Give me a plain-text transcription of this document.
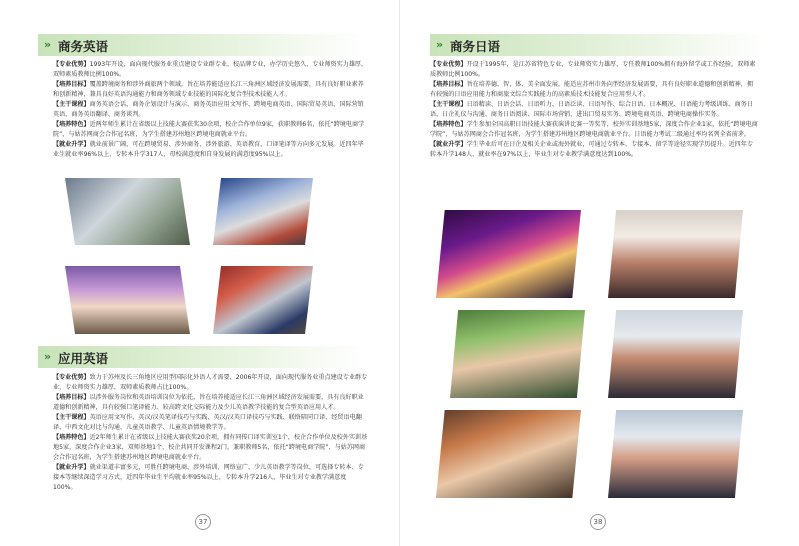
» 商务英语

【专业优势】1993年开设，面向现代服务业重点建设专业群专业，校品牌专业，办学历史悠久，专业师资实力雄厚，双师素质教师比例100%。

【培养目标】覆盖跨境商务和涉外商旅两个领域，旨在培养能适应长江三角洲区域经济发展需要，具有良好职业素养和创新精神，兼具良好英语沟通能力和商务领域专业技能的国际化复合型技术技能人才。

【主干课程】商务英语会话、商务企划设计与演示、商务英语应用文写作、跨境电商英语、国际贸易英语、国际营销英语、商务英语翻译、商务谈判。

【培养特色】近两年师生累计在省级以上技能大赛获奖30余项，校企合作单位9家，获职教师6名，依托“跨境电商学院”，与姑苏网商会合作冠名班，为学生搭建苏州地区跨境电商就业平台。

【就业升学】就业前景广阔，可在跨境贸易、涉外商务、涉外旅游、英语教育、口译笔译等方向多元发展。近四年毕业生就业率96%以上，专转本升学317人，母校满意度和自身发展的满意度95%以上。

» 应用英语

【专业优势】致力于苏州及长三角地区应用型国际化外语人才需要，2006年开设，面向现代服务业重点建设专业群专业，专业师资实力雄厚，双师素质教师占比100%。

【培养目标】以涉外服务岗位和英语培训岗位为依托，旨在培养能适应长江三角洲区域经济发展需要，具有良好职业道德和创新精神，具有较强口笔译能力、较高跨文化交际能力及少儿英语教学技能的复合型英语应用人才。

【主干课程】英语应用文写作、英汉/汉英笔译技巧与实践、英汉/汉英口译技巧与实践、联络陪同口译、经贸语电翻译、中西文化对比与沟通、儿童英语教学、儿童英语情境教学等。

【培养特色】近2年师生累计在省级以上技能大赛获奖20余项，拥有同传口译实训室1个，校企合作单位及校外实训基地5家，深度合作企业3家，双师基地1个，校企共同开发课程2门，兼职教师5名，依托“跨境电商学院”，与姑苏网商会合作冠名班，为学生搭建苏州地区跨境电商就业平台。

【就业升学】就业渠道丰富多元，可胜任跨境电商、涉外培训、网络宣广、少儿英语教学等岗位，可选择专转本、专接本等继续深造学习方式，近四年毕业生平均就业率95%以上，专转本升学216人，毕业生对专业教学满意度100%。

37
» 商务日语

【专业优势】开设于1995年，是江苏省特色专业，专业师资实力雄厚，专任教师100%拥有海外留学或工作经验，双师素质教师比例100%。

【培养目标】旨在培养德、智、体、美全面发展，能适应苏州市外向型经济发展需要，具有良好职业道德和创新精神，拥有较强的日语应用能力和商旅文综合实践能力的高素质技术技能复合应用型人才。

【主干课程】日语精读、日语会话、日语听力、日语泛读、日语写作、综合日语、日本概况、日语能力考级训练、商务日语、日企礼仪与沟通、商务日语阅读、国际市场营销、进出口贸易实务、跨境电商英语、跨境电商操作实务。

【培养特色】学生参加全国高职日语技能大赛获演讲比赛一等奖等，校外实训基地5家，深度合作企业1家，依托“跨境电商学院”，与姑苏网商会合作冠名班，为学生搭建苏州地区跨境电商就业平台。日语能力考试二级通过率均名列全省前茅。

【就业升学】学生毕业后可在日企及相关企业或海外就业，可通过专转本、专接本、留学等途径实现学历提升。近四年专转本升学148人，就业率在97%以上，毕业生对专业教学满意度达到100%。

38
